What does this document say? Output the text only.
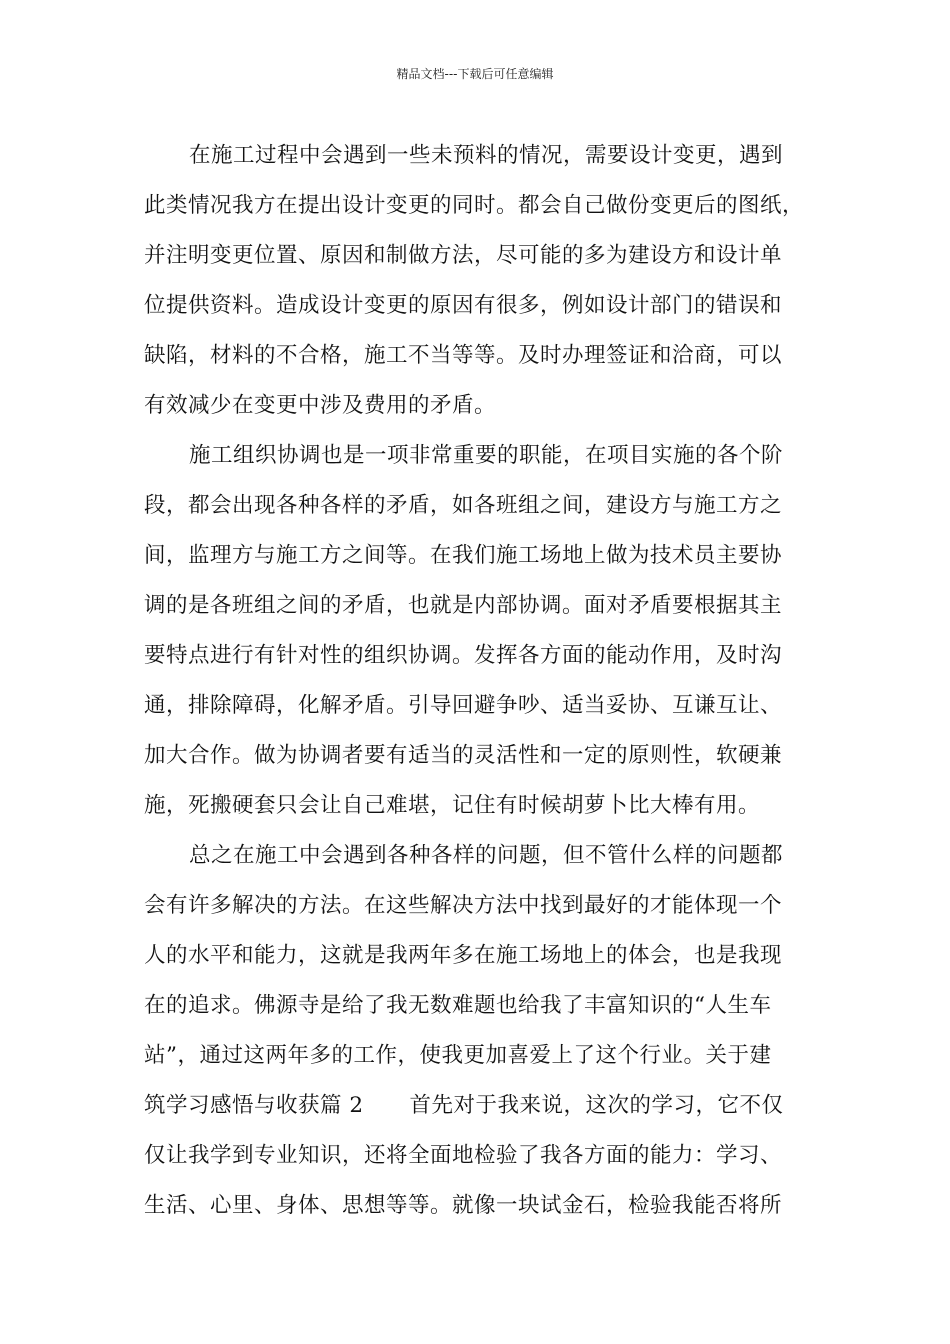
精品文档---下载后可任意编辑
在施工过程中会遇到一些未预料的情况，需要设计变更，遇到
此类情况我方在提出设计变更的同时。都会自己做份变更后的图纸，
并注明变更位置、原因和制做方法，尽可能的多为建设方和设计单
位提供资料。造成设计变更的原因有很多，例如设计部门的错误和
缺陷，材料的不合格，施工不当等等。及时办理签证和洽商，可以
有效减少在变更中涉及费用的矛盾。
施工组织协调也是一项非常重要的职能，在项目实施的各个阶
段，都会出现各种各样的矛盾，如各班组之间，建设方与施工方之
间，监理方与施工方之间等。在我们施工场地上做为技术员主要协
调的是各班组之间的矛盾，也就是内部协调。面对矛盾要根据其主
要特点进行有针对性的组织协调。发挥各方面的能动作用，及时沟
通，排除障碍，化解矛盾。引导回避争吵、适当妥协、互谦互让、
加大合作。做为协调者要有适当的灵活性和一定的原则性，软硬兼
施，死搬硬套只会让自己难堪，记住有时候胡萝卜比大棒有用。
总之在施工中会遇到各种各样的问题，但不管什么样的问题都
会有许多解决的方法。在这些解决方法中找到最好的才能体现一个
人的水平和能力，这就是我两年多在施工场地上的体会，也是我现
在的追求。佛源寺是给了我无数难题也给我了丰富知识的“人生车
站”，通过这两年多的工作，使我更加喜爱上了这个行业。关于建
筑学习感悟与收获篇 2 首先对于我来说，这次的学习，它不仅
仅让我学到专业知识，还将全面地检验了我各方面的能力：学习、
生活、心里、身体、思想等等。就像一块试金石，检验我能否将所
